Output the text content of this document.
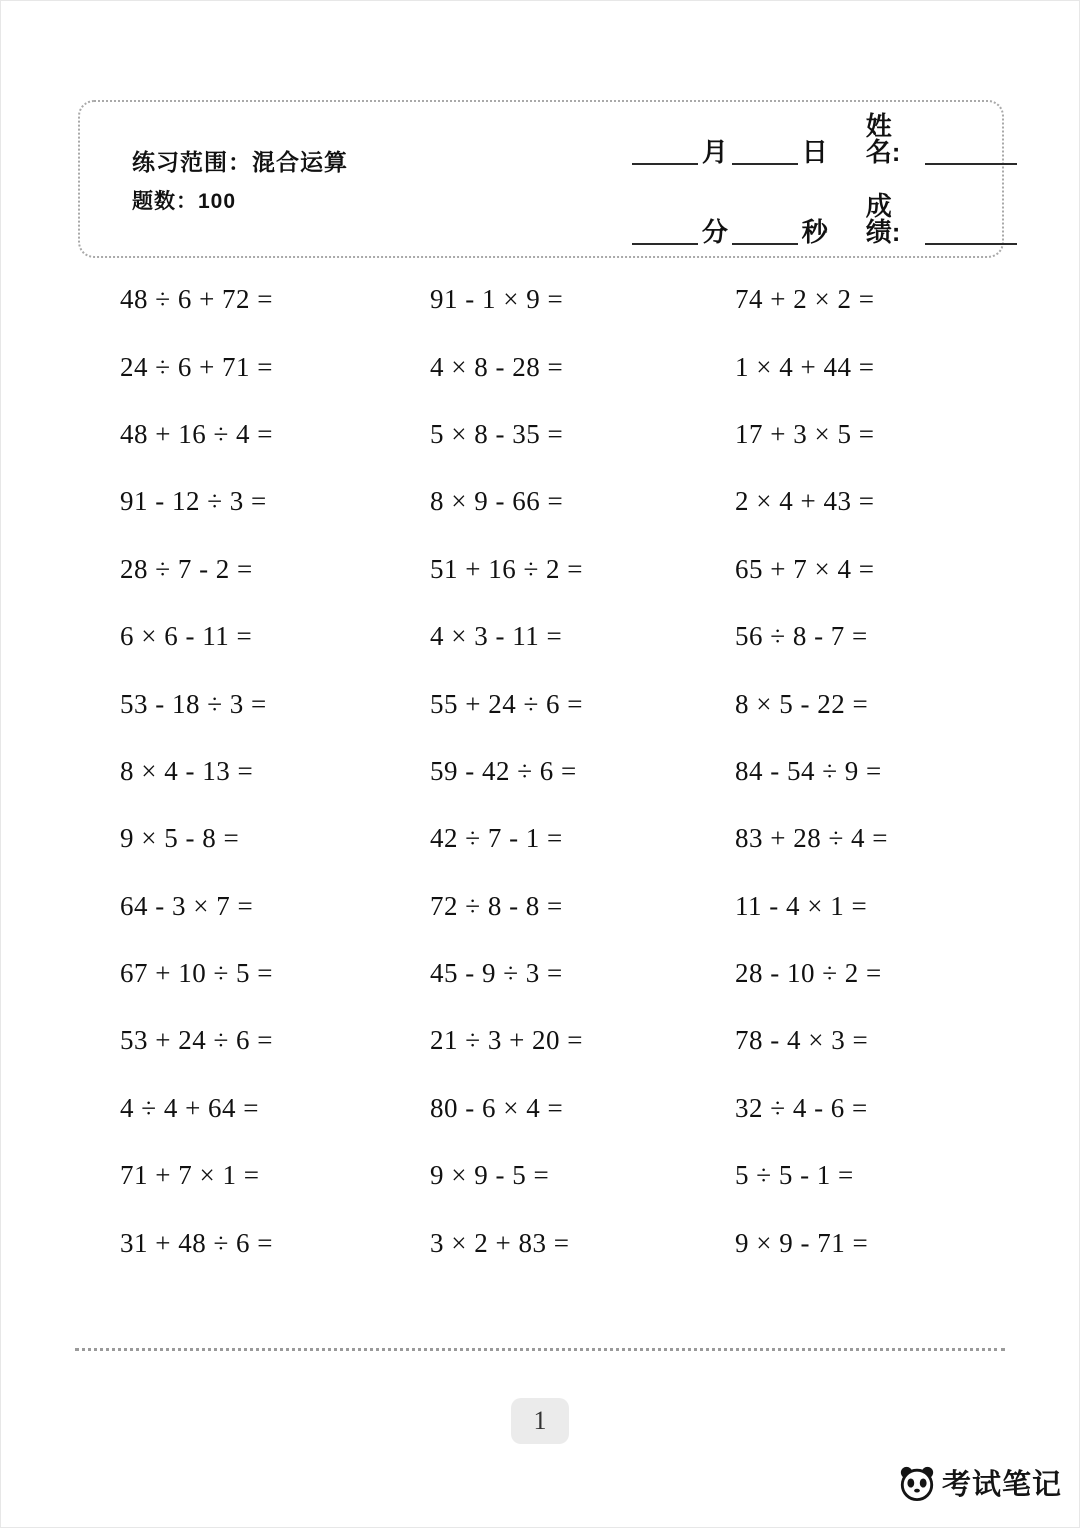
练习范围：混合运算
题数：100
月	日
姓名:
分	秒
成绩:
48 ÷ 6 + 72 =	91 - 1 × 9 =	74 + 2 × 2 =
24 ÷ 6 + 71 =	4 × 8 - 28 =	1 × 4 + 44 =
48 + 16 ÷ 4 =	5 × 8 - 35 =	17 + 3 × 5 =
91 - 12 ÷ 3 =	8 × 9 - 66 =	2 × 4 + 43 =
28 ÷ 7 - 2 =	51 + 16 ÷ 2 =	65 + 7 × 4 =
6 × 6 - 11 =	4 × 3 - 11 =	56 ÷ 8 - 7 =
53 - 18 ÷ 3 =	55 + 24 ÷ 6 =	8 × 5 - 22 =
8 × 4 - 13 =	59 - 42 ÷ 6 =	84 - 54 ÷ 9 =
9 × 5 - 8 =	42 ÷ 7 - 1 =	83 + 28 ÷ 4 =
64 - 3 × 7 =	72 ÷ 8 - 8 =	11 - 4 × 1 =
67 + 10 ÷ 5 =	45 - 9 ÷ 3 =	28 - 10 ÷ 2 =
53 + 24 ÷ 6 =	21 ÷ 3 + 20 =	78 - 4 × 3 =
4 ÷ 4 + 64 =	80 - 6 × 4 =	32 ÷ 4 - 6 =
71 + 7 × 1 =	9 × 9 - 5 =	5 ÷ 5 - 1 =
31 + 48 ÷ 6 =	3 × 2 + 83 =	9 × 9 - 71 =
1
考试笔记
